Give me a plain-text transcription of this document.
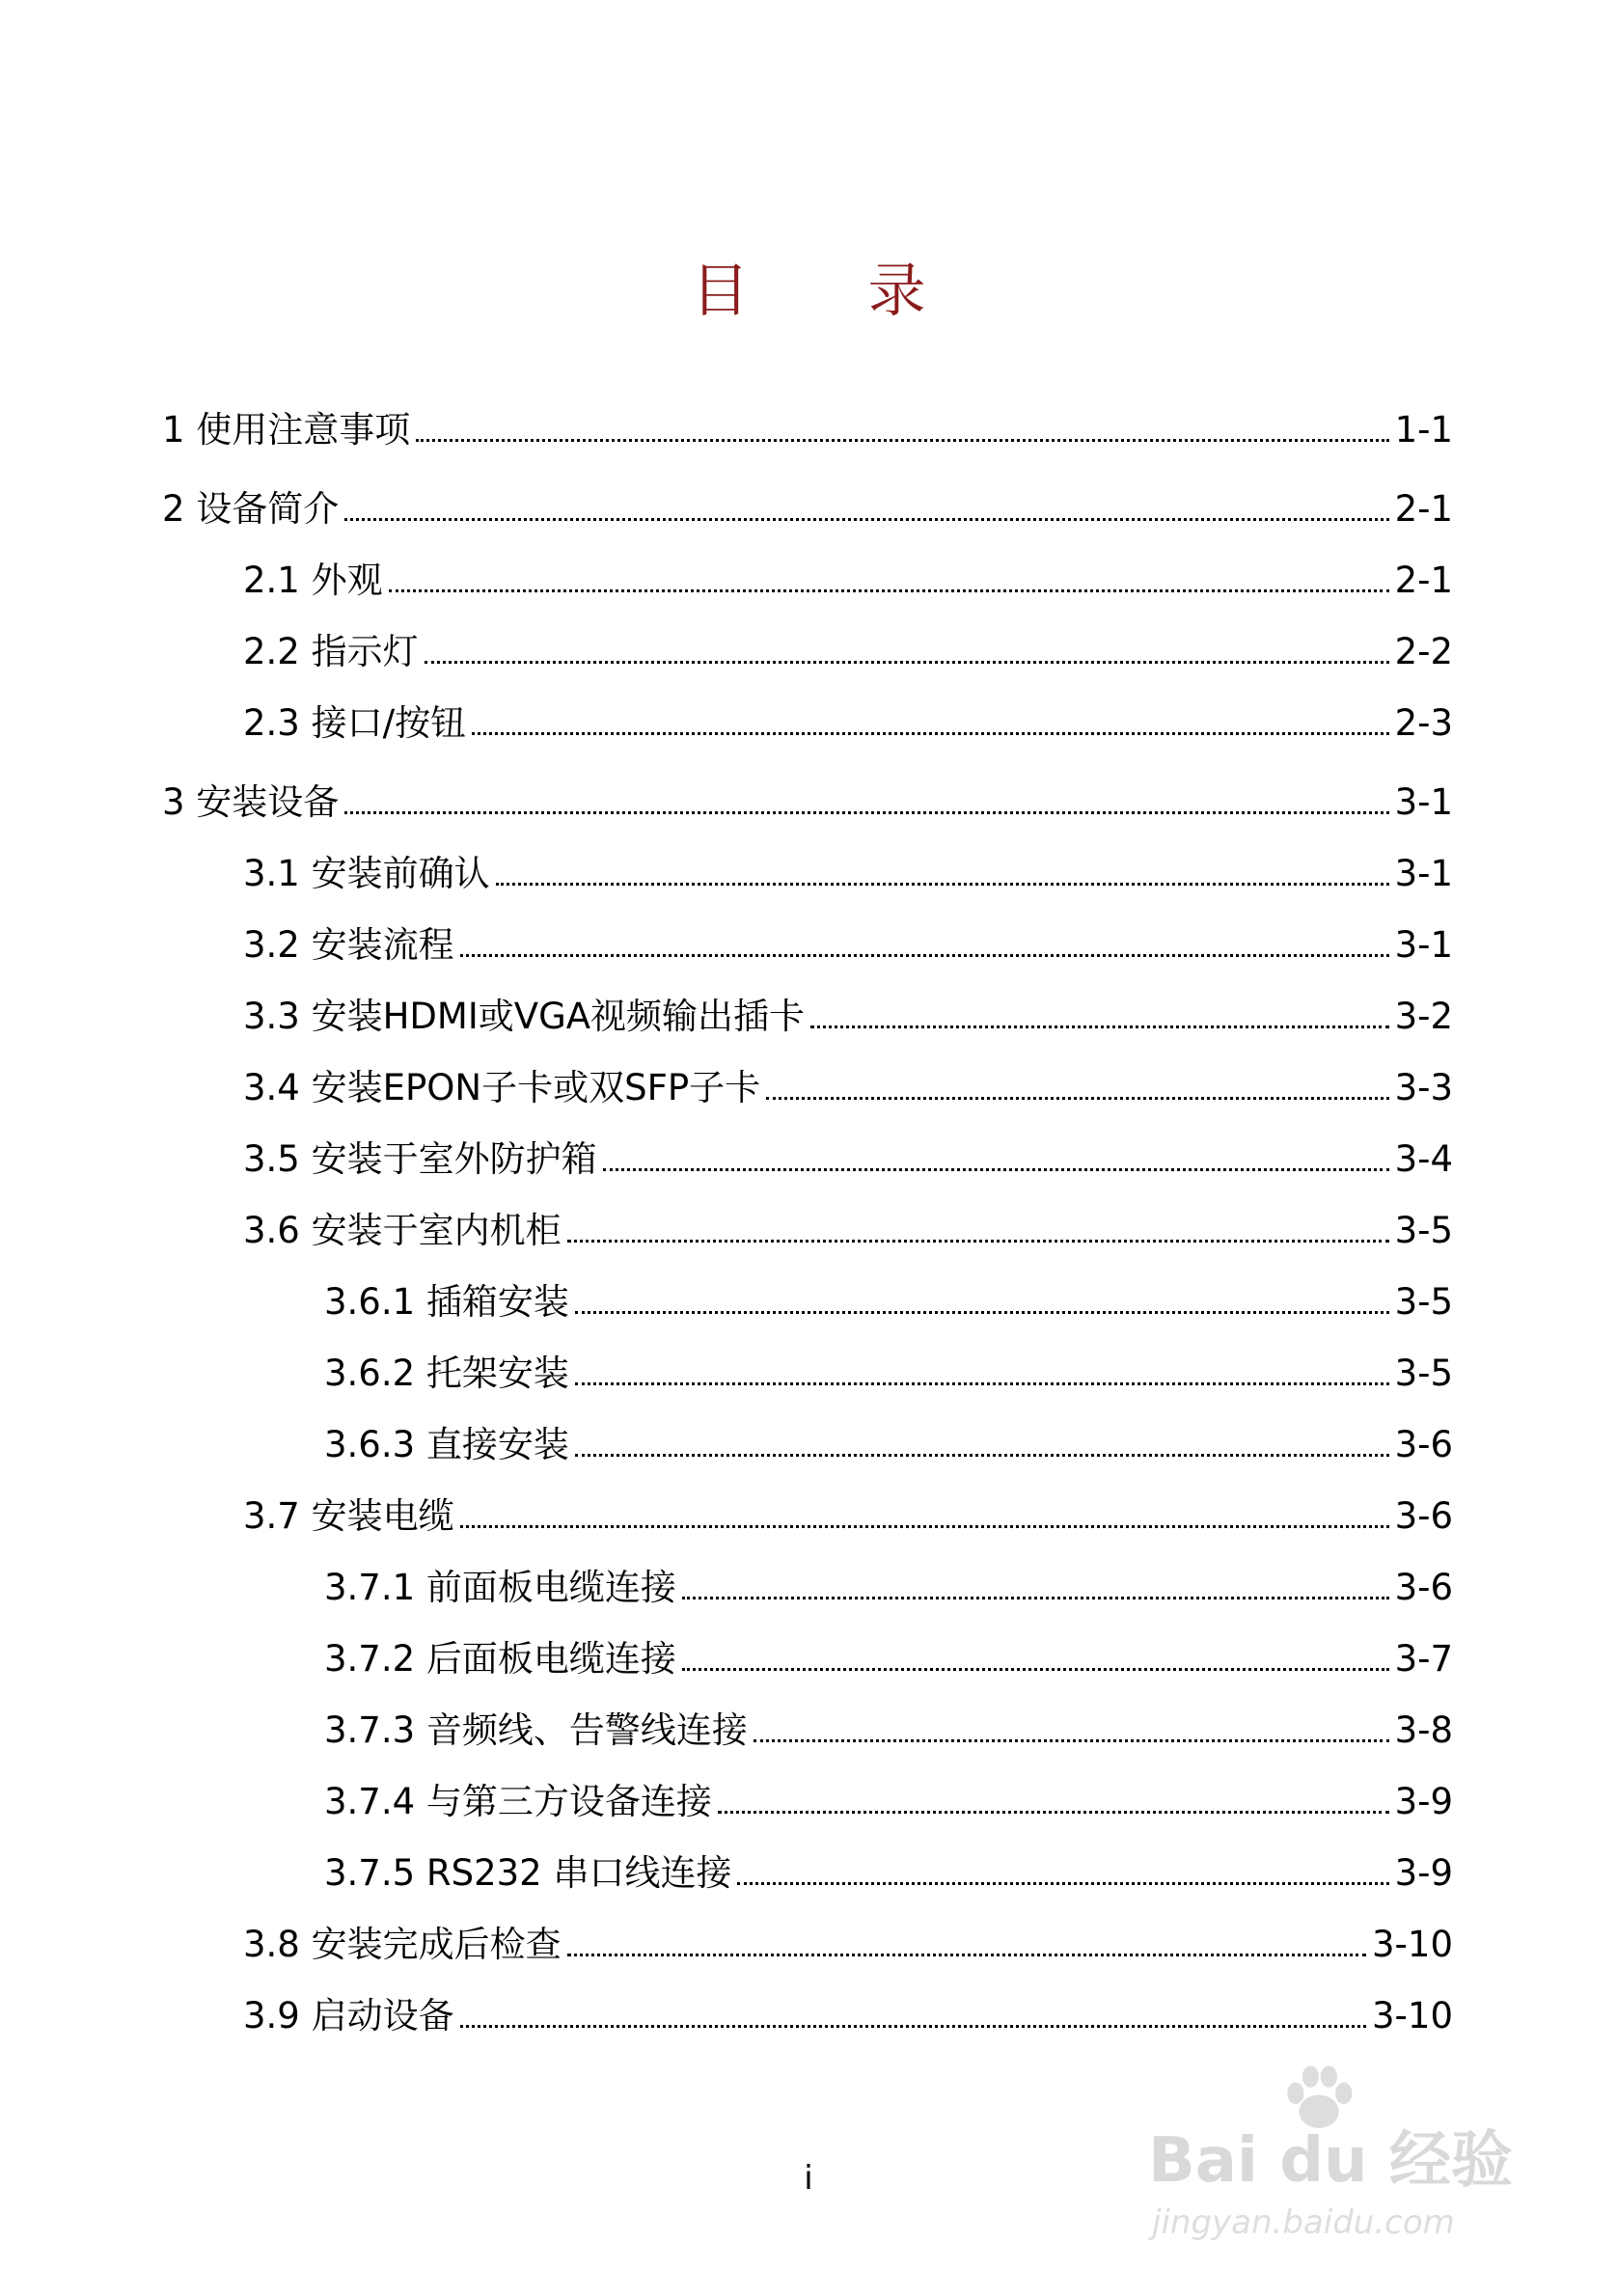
目 录
1 使用注意事项	1-1
2 设备简介	2-1
2.1 外观	2-1
2.2 指示灯	2-2
2.3 接口/按钮	2-3
3 安装设备	3-1
3.1 安装前确认	3-1
3.2 安装流程	3-1
3.3 安装HDMI或VGA视频输出插卡	3-2
3.4 安装EPON子卡或双SFP子卡	3-3
3.5 安装于室外防护箱	3-4
3.6 安装于室内机柜	3-5
3.6.1 插箱安装	3-5
3.6.2 托架安装	3-5
3.6.3 直接安装	3-6
3.7 安装电缆	3-6
3.7.1 前面板电缆连接	3-6
3.7.2 后面板电缆连接	3-7
3.7.3 音频线、告警线连接	3-8
3.7.4 与第三方设备连接	3-9
3.7.5 RS232 串口线连接	3-9
3.8 安装完成后检查	3-10
3.9 启动设备	3-10
i	Bai du 经验
jingyan.baidu.com
